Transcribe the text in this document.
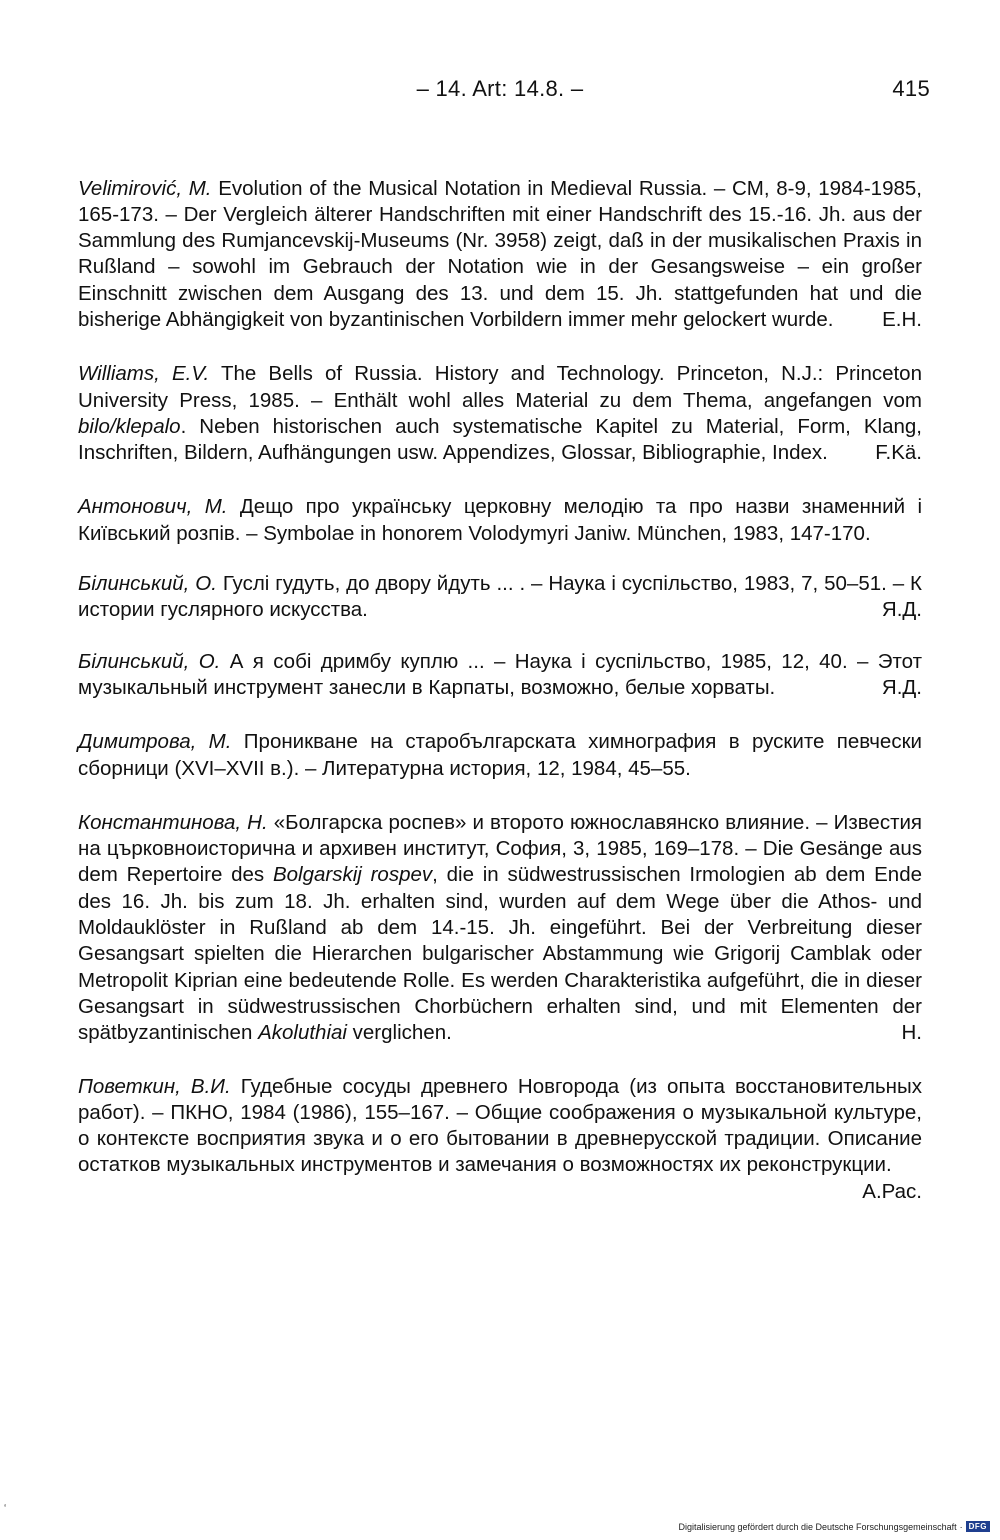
– 14. Art: 14.8. –	415

Velimirović, M. Evolution of the Musical Notation in Medieval Russia. – CM, 8-9, 1984-1985, 165-173. – Der Vergleich älterer Handschriften mit einer Handschrift des 15.-16. Jh. aus der Sammlung des Rumjancevskij-Museums (Nr. 3958) zeigt, daß in der musikalischen Praxis in Rußland – sowohl im Gebrauch der Notation wie in der Gesangsweise – ein großer Einschnitt zwischen dem Ausgang des 13. und dem 15. Jh. stattgefunden hat und die bisherige Abhängigkeit von byzantinischen Vorbildern immer mehr gelockert wurde. E.H.

Williams, E.V. The Bells of Russia. History and Technology. Princeton, N.J.: Princeton University Press, 1985. – Enthält wohl alles Material zu dem Thema, angefangen vom bilo/klepalo. Neben historischen auch systematische Kapitel zu Material, Form, Klang, Inschriften, Bildern, Aufhängungen usw. Appendizes, Glossar, Bibliographie, Index. F.Kä.

Антонович, М. Дещо про українську церковну мелодію та про назви знаменний і Київський розпів. – Symbolae in honorem Volodymyri Janiw. München, 1983, 147-170.

Білинський, О. Гуслі гудуть, до двору йдуть ... . – Наука і суспільство, 1983, 7, 50–51. – К истории гуслярного искусства.	Я.Д.

Білинський, О. А я собі дримбу куплю ... – Наука і суспільство, 1985, 12, 40. – Этот музыкальный инструмент занесли в Карпаты, возможно, белые хорваты.	Я.Д.

Димитрова, М. Проникване на старобългарската химнография в руските певчески сборници (XVI–XVII в.). – Литературна история, 12, 1984, 45–55.

Константинова, Н. «Болгарска роспев» и второто южнославянско влияние. – Известия на църковноисторична и архивен институт, София, 3, 1985, 169–178. – Die Gesänge aus dem Repertoire des Bolgarskij rospev, die in südwestrussischen Irmologien ab dem Ende des 16. Jh. bis zum 18. Jh. erhalten sind, wurden auf dem Wege über die Athos- und Moldauklöster in Rußland ab dem 14.-15. Jh. eingeführt. Bei der Verbreitung dieser Gesangsart spielten die Hierarchen bulgarischer Abstammung wie Grigorij Camblak oder Metropolit Kiprian eine bedeutende Rolle. Es werden Charakteristika aufgeführt, die in dieser Gesangsart in südwestrussischen Chorbüchern erhalten sind, und mit Elementen der spätbyzantinischen Akoluthiai verglichen.	H.

Поветкин, В.И. Гудебные сосуды древнего Новгорода (из опыта восстановительных работ). – ПКНО, 1984 (1986), 155–167. – Общие соображения о музыкальной культуре, о контексте восприятия звука и о его бытовании в древнерусской традиции. Описание остатков музыкальных инструментов и замечания о возможностях их реконструкции.
А.Рас.

‘
Digitalisierung gefördert durch die Deutsche Forschungsgemeinschaft · DFG
